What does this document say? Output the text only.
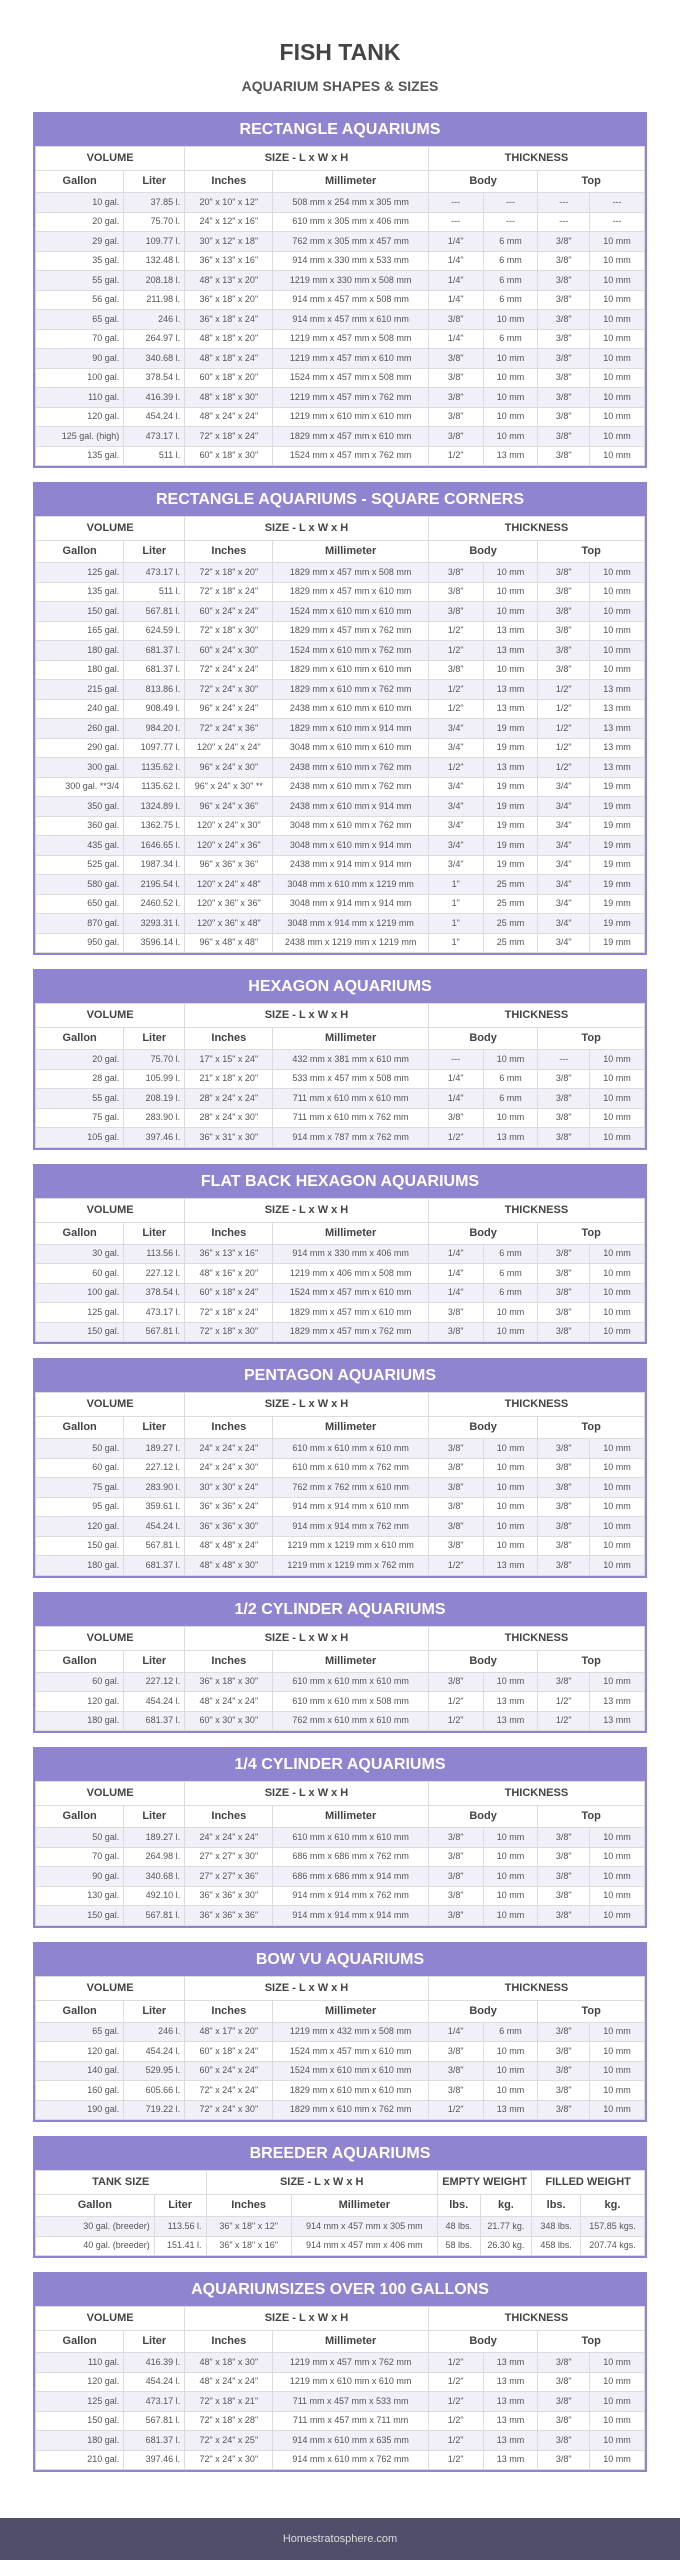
FISH TANK
AQUARIUM SHAPES & SIZES
RECTANGLE AQUARIUMS
VOLUME		SIZE - L x W x H		THICKNESS			
Gallon	Liter	Inches	Millimeter	Body		Top	
10 gal.	37.85 l.	20" x 10" x 12"	508 mm x 254 mm x 305 mm	---	---	---	---
20 gal.	75.70 l.	24" x 12" x 16"	610 mm x 305 mm x 406 mm	---	---	---	---
29 gal.	109.77 l.	30" x 12" x 18"	762 mm x 305 mm x 457 mm	1/4"	6 mm	3/8"	10 mm
35 gal.	132.48 l.	36" x 13" x 16"	914 mm x 330 mm x 533 mm	1/4"	6 mm	3/8"	10 mm
55 gal.	208.18 l.	48" x 13" x 20"	1219 mm x 330 mm x 508 mm	1/4"	6 mm	3/8"	10 mm
56 gal.	211.98 l.	36" x 18" x 20"	914 mm x 457 mm x 508 mm	1/4"	6 mm	3/8"	10 mm
65 gal.	246 l.	36" x 18" x 24"	914 mm x 457 mm x 610 mm	3/8"	10 mm	3/8"	10 mm
70 gal.	264.97 l.	48" x 18" x 20"	1219 mm x 457 mm x 508 mm	1/4"	6 mm	3/8"	10 mm
90 gal.	340.68 l.	48" x 18" x 24"	1219 mm x 457 mm x 610 mm	3/8"	10 mm	3/8"	10 mm
100 gal.	378.54 l.	60" x 18" x 20"	1524 mm x 457 mm x 508 mm	3/8"	10 mm	3/8"	10 mm
110 gal.	416.39 l.	48" x 18" x 30"	1219 mm x 457 mm x 762 mm	3/8"	10 mm	3/8"	10 mm
120 gal.	454.24 l.	48" x 24" x 24"	1219 mm x 610 mm x 610 mm	3/8"	10 mm	3/8"	10 mm
125 gal. (high)	473.17 l.	72" x 18" x 24"	1829 mm x 457 mm x 610 mm	3/8"	10 mm	3/8"	10 mm
135 gal.	511 l.	60" x 18" x 30"	1524 mm x 457 mm x 762 mm	1/2"	13 mm	3/8"	10 mm
RECTANGLE AQUARIUMS - SQUARE CORNERS
VOLUME		SIZE - L x W x H		THICKNESS			
Gallon	Liter	Inches	Millimeter	Body		Top	
125 gal.	473.17 l.	72" x 18" x 20"	1829 mm x 457 mm x 508 mm	3/8"	10 mm	3/8"	10 mm
135 gal.	511 l.	72" x 18" x 24"	1829 mm x 457 mm x 610 mm	3/8"	10 mm	3/8"	10 mm
150 gal.	567.81 l.	60" x 24" x 24"	1524 mm x 610 mm x 610 mm	3/8"	10 mm	3/8"	10 mm
165 gal.	624.59 l.	72" x 18" x 30"	1829 mm x 457 mm x 762 mm	1/2"	13 mm	3/8"	10 mm
180 gal.	681.37 l.	60" x 24" x 30"	1524 mm x 610 mm x 762 mm	1/2"	13 mm	3/8"	10 mm
180 gal.	681.37 l.	72" x 24" x 24"	1829 mm x 610 mm x 610 mm	3/8"	10 mm	3/8"	10 mm
215 gal.	813.86 l.	72" x 24" x 30"	1829 mm x 610 mm x 762 mm	1/2"	13 mm	1/2"	13 mm
240 gal.	908.49 l.	96" x 24" x 24"	2438 mm x 610 mm x 610 mm	1/2"	13 mm	1/2"	13 mm
260 gal.	984.20 l.	72" x 24" x 36"	1829 mm x 610 mm x 914 mm	3/4"	19 mm	1/2"	13 mm
290 gal.	1097.77 l.	120" x 24" x 24"	3048 mm x 610 mm x 610 mm	3/4"	19 mm	1/2"	13 mm
300 gal.	1135.62 l.	96" x 24" x 30"	2438 mm x 610 mm x 762 mm	1/2"	13 mm	1/2"	13 mm
300 gal. **3/4	1135.62 l.	96" x 24" x 30" **	2438 mm x 610 mm x 762 mm	3/4"	19 mm	3/4"	19 mm
350 gal.	1324.89 l.	96" x 24" x 36"	2438 mm x 610 mm x 914 mm	3/4"	19 mm	3/4"	19 mm
360 gal.	1362.75 l.	120" x 24" x 30"	3048 mm x 610 mm x 762 mm	3/4"	19 mm	3/4"	19 mm
435 gal.	1646.65 l.	120" x 24" x 36"	3048 mm x 610 mm x 914 mm	3/4"	19 mm	3/4"	19 mm
525 gal.	1987.34 l.	96" x 36" x 36"	2438 mm x 914 mm x 914 mm	3/4"	19 mm	3/4"	19 mm
580 gal.	2195.54 l.	120" x 24" x 48"	3048 mm x 610 mm x 1219 mm	1"	25 mm	3/4"	19 mm
650 gal.	2460.52 l.	120" x 36" x 36"	3048 mm x 914 mm x 914 mm	1"	25 mm	3/4"	19 mm
870 gal.	3293.31 l.	120" x 36" x 48"	3048 mm x 914 mm x 1219 mm	1"	25 mm	3/4"	19 mm
950 gal.	3596.14 l.	96" x 48" x 48"	2438 mm x 1219 mm x 1219 mm	1"	25 mm	3/4"	19 mm
HEXAGON AQUARIUMS
VOLUME		SIZE - L x W x H		THICKNESS			
Gallon	Liter	Inches	Millimeter	Body		Top	
20 gal.	75.70 l.	17" x 15" x 24"	432 mm x 381 mm x 610 mm	---	10 mm	---	10 mm
28 gal.	105.99 l.	21" x 18" x 20"	533 mm x 457 mm x 508 mm	1/4"	6 mm	3/8"	10 mm
55 gal.	208.19 l.	28" x 24" x 24"	711 mm x 610 mm x 610 mm	1/4"	6 mm	3/8"	10 mm
75 gal.	283.90 l.	28" x 24" x 30"	711 mm x 610 mm x 762 mm	3/8"	10 mm	3/8"	10 mm
105 gal.	397.46 l.	36" x 31" x 30"	914 mm x 787 mm x 762 mm	1/2"	13 mm	3/8"	10 mm
FLAT BACK HEXAGON AQUARIUMS
VOLUME		SIZE - L x W x H		THICKNESS			
Gallon	Liter	Inches	Millimeter	Body		Top	
30 gal.	113.56 l.	36" x 13" x 16"	914 mm x 330 mm x 406 mm	1/4"	6 mm	3/8"	10 mm
60 gal.	227.12 l.	48" x 16" x 20"	1219 mm x 406 mm x 508 mm	1/4"	6 mm	3/8"	10 mm
100 gal.	378.54 l.	60" x 18" x 24"	1524 mm x 457 mm x 610 mm	1/4"	6 mm	3/8"	10 mm
125 gal.	473.17 l.	72" x 18" x 24"	1829 mm x 457 mm x 610 mm	3/8"	10 mm	3/8"	10 mm
150 gal.	567.81 l.	72" x 18" x 30"	1829 mm x 457 mm x 762 mm	3/8"	10 mm	3/8"	10 mm
PENTAGON AQUARIUMS
VOLUME		SIZE - L x W x H		THICKNESS			
Gallon	Liter	Inches	Millimeter	Body		Top	
50 gal.	189.27 l.	24" x 24" x 24"	610 mm x 610 mm x 610 mm	3/8"	10 mm	3/8"	10 mm
60 gal.	227.12 l.	24" x 24" x 30"	610 mm x 610 mm x 762 mm	3/8"	10 mm	3/8"	10 mm
75 gal.	283.90 l.	30" x 30" x 24"	762 mm x 762 mm x 610 mm	3/8"	10 mm	3/8"	10 mm
95 gal.	359.61 l.	36" x 36" x 24"	914 mm x 914 mm x 610 mm	3/8"	10 mm	3/8"	10 mm
120 gal.	454.24 l.	36" x 36" x 30"	914 mm x 914 mm x 762 mm	3/8"	10 mm	3/8"	10 mm
150 gal.	567.81 l.	48" x 48" x 24"	1219 mm x 1219 mm x 610 mm	3/8"	10 mm	3/8"	10 mm
180 gal.	681.37 l.	48" x 48" x 30"	1219 mm x 1219 mm x 762 mm	1/2"	13 mm	3/8"	10 mm
1/2 CYLINDER AQUARIUMS
VOLUME		SIZE - L x W x H		THICKNESS			
Gallon	Liter	Inches	Millimeter	Body		Top	
60 gal.	227.12 l.	36" x 18" x 30"	610 mm x 610 mm x 610 mm	3/8"	10 mm	3/8"	10 mm
120 gal.	454.24 l.	48" x 24" x 24"	610 mm x 610 mm x 508 mm	1/2"	13 mm	1/2"	13 mm
180 gal.	681.37 l.	60" x 30" x 30"	762 mm x 610 mm x 610 mm	1/2"	13 mm	1/2"	13 mm
1/4 CYLINDER AQUARIUMS
VOLUME		SIZE - L x W x H		THICKNESS			
Gallon	Liter	Inches	Millimeter	Body		Top	
50 gal.	189.27 l.	24" x 24" x 24"	610 mm x 610 mm x 610 mm	3/8"	10 mm	3/8"	10 mm
70 gal.	264.98 l.	27" x 27" x 30"	686 mm x 686 mm x 762 mm	3/8"	10 mm	3/8"	10 mm
90 gal.	340.68 l.	27" x 27" x 36"	686 mm x 686 mm x 914 mm	3/8"	10 mm	3/8"	10 mm
130 gal.	492.10 l.	36" x 36" x 30"	914 mm x 914 mm x 762 mm	3/8"	10 mm	3/8"	10 mm
150 gal.	567.81 l.	36" x 36" x 36"	914 mm x 914 mm x 914 mm	3/8"	10 mm	3/8"	10 mm
BOW VU AQUARIUMS
VOLUME		SIZE - L x W x H		THICKNESS			
Gallon	Liter	Inches	Millimeter	Body		Top	
65 gal.	246 l.	48" x 17" x 20"	1219 mm x 432 mm x 508 mm	1/4"	6 mm	3/8"	10 mm
120 gal.	454.24 l.	60" x 18" x 24"	1524 mm x 457 mm x 610 mm	3/8"	10 mm	3/8"	10 mm
140 gal.	529.95 l.	60" x 24" x 24"	1524 mm x 610 mm x 610 mm	3/8"	10 mm	3/8"	10 mm
160 gal.	605.66 l.	72" x 24" x 24"	1829 mm x 610 mm x 610 mm	3/8"	10 mm	3/8"	10 mm
190 gal.	719.22 l.	72" x 24" x 30"	1829 mm x 610 mm x 762 mm	1/2"	13 mm	3/8"	10 mm
BREEDER AQUARIUMS
TANK SIZE		SIZE - L x W x H		EMPTY WEIGHT		FILLED WEIGHT	
Gallon	Liter	Inches	Millimeter	lbs.	kg.	lbs.	kg.
30 gal. (breeder)	113.56 l.	36" x 18" x 12"	914 mm x 457 mm x 305 mm	48 lbs.	21.77 kg.	348 lbs.	157.85 kgs.
40 gal. (breeder)	151.41 l.	36" x 18" x 16"	914 mm x 457 mm x 406 mm	58 lbs.	26.30 kg.	458 lbs.	207.74 kgs.
AQUARIUMSIZES OVER 100 GALLONS
VOLUME		SIZE - L x W x H		THICKNESS			
Gallon	Liter	Inches	Millimeter	Body		Top	
110 gal.	416.39 l.	48" x 18" x 30"	1219 mm x 457 mm x 762 mm	1/2"	13 mm	3/8"	10 mm
120 gal.	454.24 l.	48" x 24" x 24"	1219 mm x 610 mm x 610 mm	1/2"	13 mm	3/8"	10 mm
125 gal.	473.17 l.	72" x 18" x 21"	711 mm x 457 mm x 533 mm	1/2"	13 mm	3/8"	10 mm
150 gal.	567.81 l.	72" x 18" x 28"	711 mm x 457 mm x 711 mm	1/2"	13 mm	3/8"	10 mm
180 gal.	681.37 l.	72" x 24" x 25"	914 mm x 610 mm x 635 mm	1/2"	13 mm	3/8"	10 mm
210 gal.	397.46 l.	72" x 24" x 30"	914 mm x 610 mm x 762 mm	1/2"	13 mm	3/8"	10 mm
Homestratosphere.com
